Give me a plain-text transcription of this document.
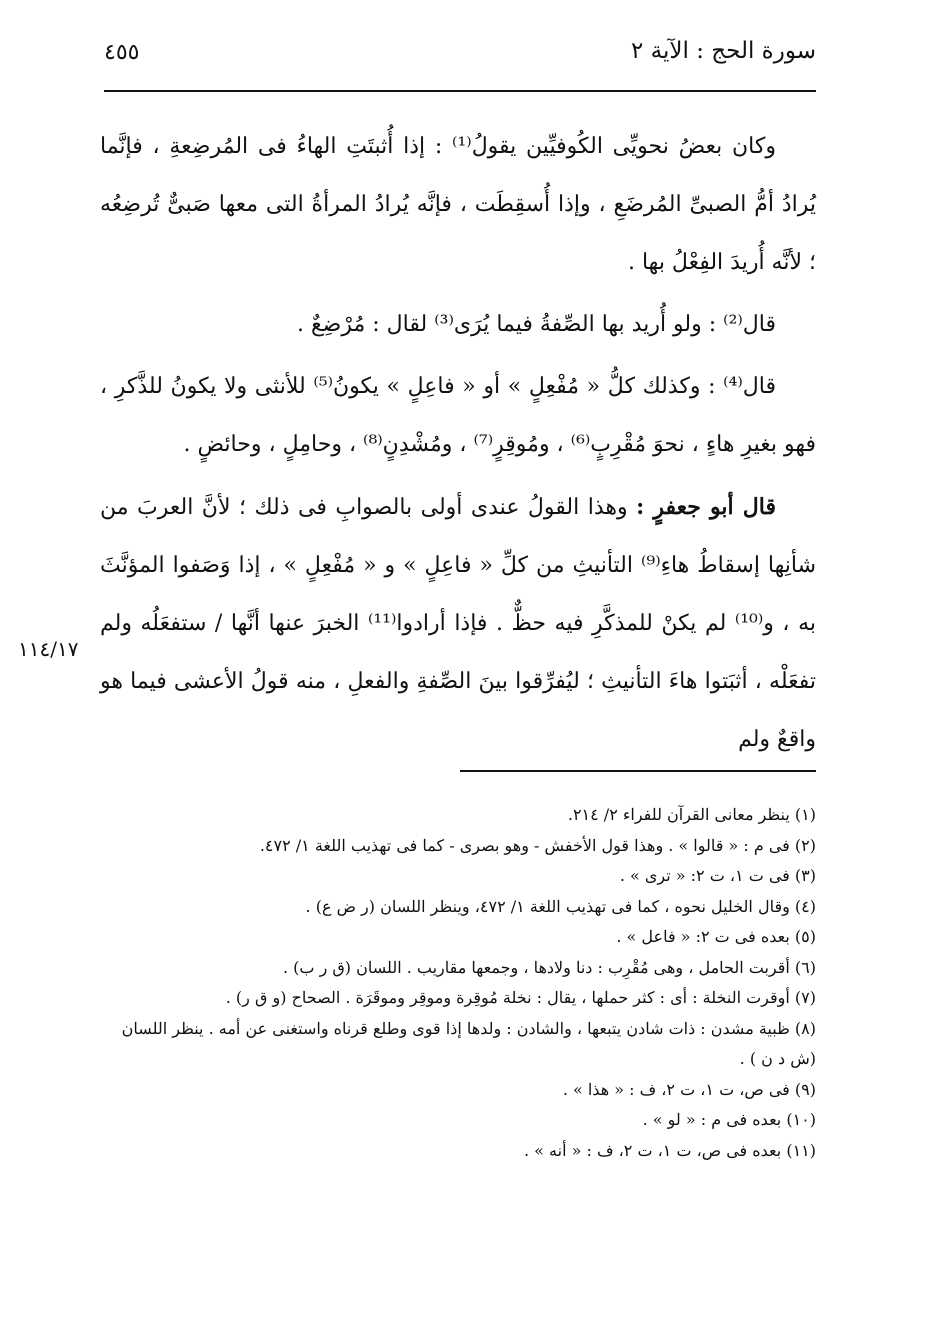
٤٥٥	سورة الحج : الآية ٢

وكان بعضُ نحويِّى الكُوفيِّين يقولُ⁽¹⁾ : إذا أُثبتَتِ الهاءُ فى المُرضِعةِ ، فإنَّما يُرادُ أمُّ الصبىِّ المُرضَعِ ، وإذا أُسقِطَت ، فإنَّه يُرادُ المرأةُ التى معها صَبىٌّ تُرضِعُه ؛ لأنَّه أُريدَ الفِعْلُ بها .

قال⁽²⁾ : ولو أُريد بها الصِّفةُ فيما يُرَى⁽³⁾ لقال : مُرْضِعٌ .

قال⁽⁴⁾ : وكذلك كلُّ « مُفْعِلٍ » أو « فاعِلٍ » يكونُ⁽⁵⁾ للأنثى ولا يكونُ للذَّكرِ ، فهو بغيرِ هاءٍ ، نحوَ مُقْرِبٍ⁽⁶⁾ ، ومُوقِرٍ⁽⁷⁾ ، ومُشْدِنٍ⁽⁸⁾ ، وحامِلٍ ، وحائضٍ .

قال أبو جعفرٍ : وهذا القولُ عندى أولى بالصوابِ فى ذلك ؛ لأنَّ العربَ من شأنِها إسقاطُ هاءِ⁽⁹⁾ التأنيثِ من كلِّ « فاعِلٍ » و « مُفْعِلٍ » ، إذا وَصَفوا المؤنَّثَ به ، و⁽¹⁰⁾ لم يكنْ للمذكَّرِ فيه حظٌّ . فإذا أرادوا⁽¹¹⁾ الخبرَ عنها أنَّها / ستفعَلُه ولم تفعَلْه ، أثبَتوا هاءَ التأنيثِ ؛ ليُفرِّقوا بينَ الصِّفةِ والفعلِ ، منه قولُ الأعشى فيما هو واقعٌ ولم

١١٤/١٧

(١) ينظر معانى القرآن للفراء ٢/ ٢١٤.

(٢) فى م : « قالوا » . وهذا قول الأخفش - وهو بصرى - كما فى تهذيب اللغة ١/ ٤٧٢.

(٣) فى ت ١، ت ٢: « ترى » .

(٤) وقال الخليل نحوه ، كما فى تهذيب اللغة ١/ ٤٧٢، وينظر اللسان (ر ض ع) .

(٥) بعده فى ت ٢: « فاعل » .

(٦) أقربت الحامل ، وهى مُقْرِب : دنا ولادها ، وجمعها مقاريب . اللسان (ق ر ب) .

(٧) أوقرت النخلة : أى : كثر حملها ، يقال : نخلة مُوقِرة وموقِر وموقَرَة . الصحاح (و ق ر) .

(٨) ظبية مشدن : ذات شادن يتبعها ، والشادن : ولدها إذا قوى وطلع قرناه واستغنى عن أمه . ينظر اللسان (ش د ن ) .

(٩) فى ص، ت ١، ت ٢، ف : « هذا » .

(١٠) بعده فى م : « لو » .

(١١) بعده فى ص، ت ١، ت ٢، ف : « أنه » .
